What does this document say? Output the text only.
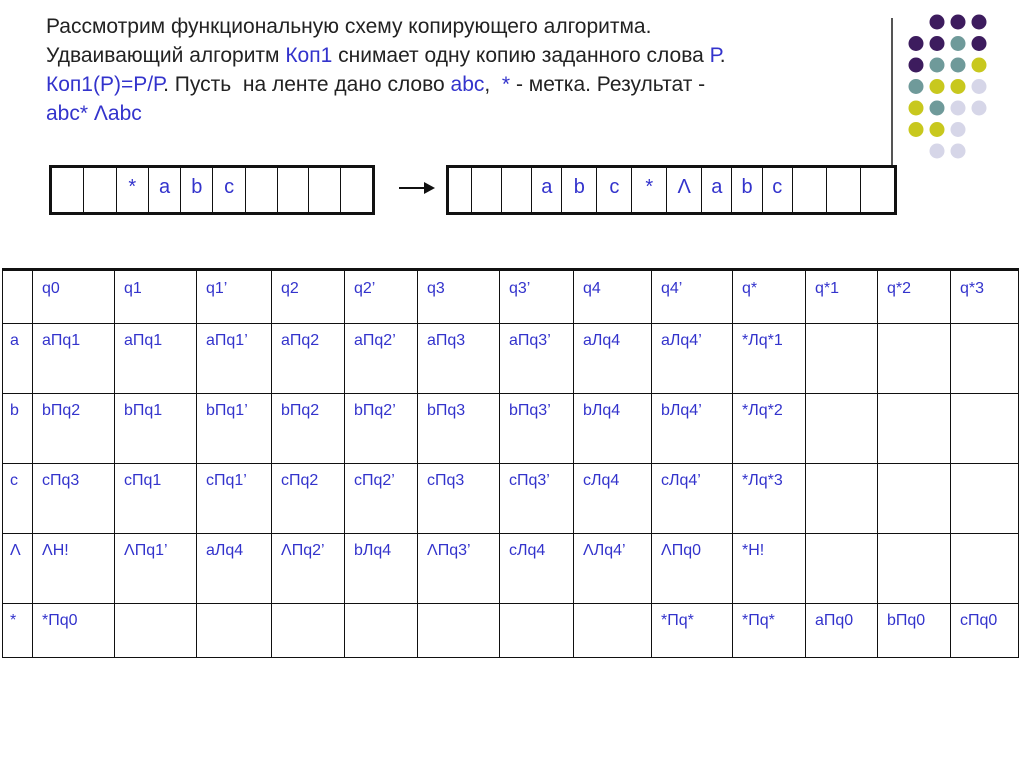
Рассмотрим функциональную схему копирующего алгоритма.
Удваивающий алгоритм Коп1 снимает одну копию заданного слова Р.
Коп1(Р)=Р/Р. Пусть  на ленте дано слово abc,  * - метка. Результат -
abc* Λabc
*	a	b	c	a	b	c	*	Λ	a b c
	q0	q1	q1’	q2	q2’	q3	q3’	q4	q4’	q*	q*1	q*2	q*3
a	aПq1	aПq1	aПq1’	aПq2	aПq2’	aПq3	aПq3’	aЛq4	aЛq4’	*Лq*1			
b	bПq2	bПq1	bПq1’	bПq2	bПq2’	bПq3	bПq3’	bЛq4	bЛq4’	*Лq*2			
c	cПq3	cПq1	cПq1’	cПq2	cПq2’	cПq3	cПq3’	cЛq4	cЛq4’	*Лq*3			
Λ	ΛH!	ΛПq1’	aЛq4	ΛПq2’	bЛq4	ΛПq3’	cЛq4	ΛЛq4’	ΛПq0	*H!			
*	*Пq0								*Пq*	*Пq*	aПq0	bПq0	cПq0
